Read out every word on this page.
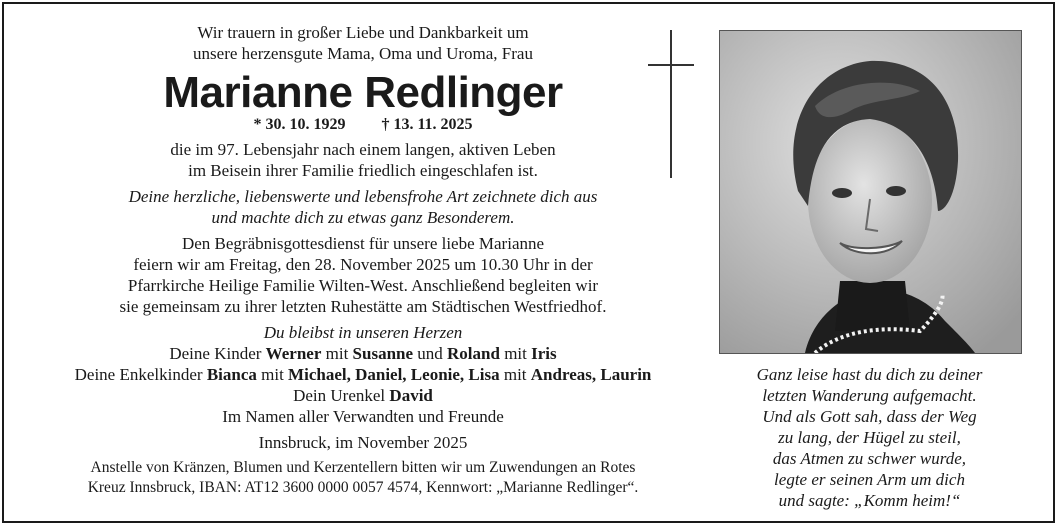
Wir trauern in großer Liebe und Dankbarkeit um
unsere herzensgute Mama, Oma und Uroma, Frau
Marianne Redlinger
* 30. 10. 1929 † 13. 11. 2025
die im 97. Lebensjahr nach einem langen, aktiven Leben
im Beisein ihrer Familie friedlich eingeschlafen ist.
Deine herzliche, liebenswerte und lebensfrohe Art zeichnete dich aus
und machte dich zu etwas ganz Besonderem.
Den Begräbnisgottesdienst für unsere liebe Marianne
feiern wir am Freitag, den 28. November 2025 um 10.30 Uhr in der
Pfarrkirche Heilige Familie Wilten-West. Anschließend begleiten wir
sie gemeinsam zu ihrer letzten Ruhestätte am Städtischen Westfriedhof.
Du bleibst in unseren Herzen
Deine Kinder Werner mit Susanne und Roland mit Iris
Deine Enkelkinder Bianca mit Michael, Daniel, Leonie, Lisa mit Andreas, Laurin
Dein Urenkel David
Im Namen aller Verwandten und Freunde
Innsbruck, im November 2025
Anstelle von Kränzen, Blumen und Kerzentellern bitten wir um Zuwendungen an Rotes
Kreuz Innsbruck, IBAN: AT12 3600 0000 0057 4574, Kennwort: „Marianne Redlinger“.
Ganz leise hast du dich zu deiner
letzten Wanderung aufgemacht.
Und als Gott sah, dass der Weg
zu lang, der Hügel zu steil,
das Atmen zu schwer wurde,
legte er seinen Arm um dich
und sagte: „Komm heim!“
